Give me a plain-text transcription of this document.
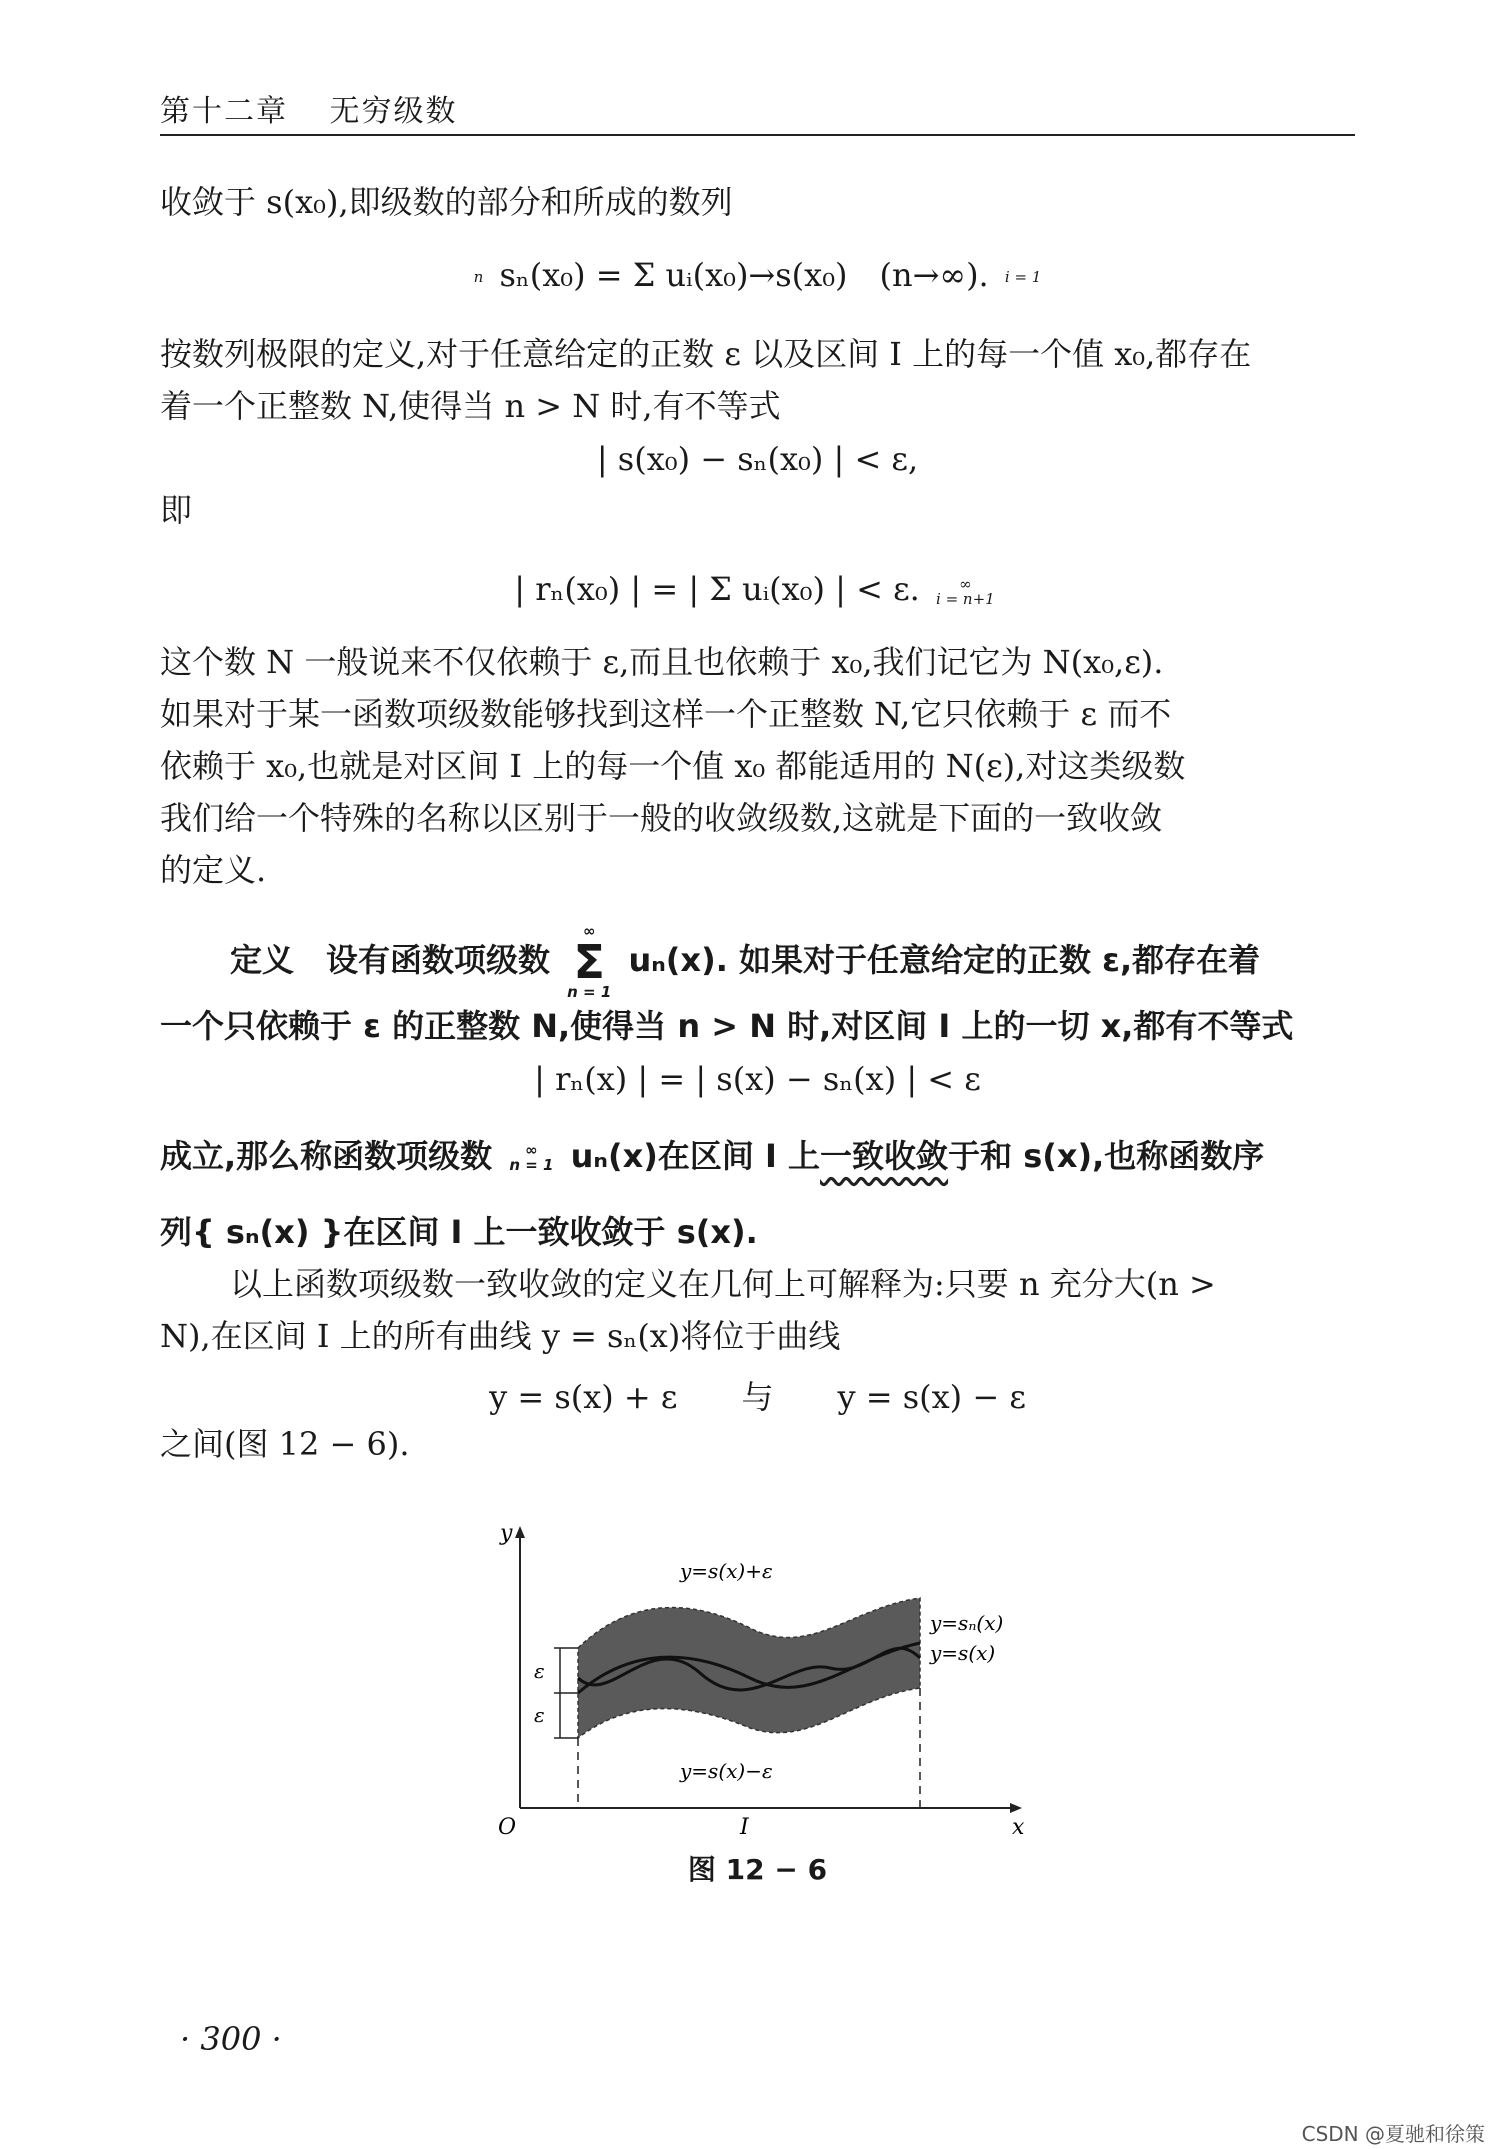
第十二章 无穷级数
收敛于 s(x₀),即级数的部分和所成的数列
n sₙ(x₀) = Σ uᵢ(x₀)→s(x₀)　(n→∞). i = 1
按数列极限的定义,对于任意给定的正数 ε 以及区间 I 上的每一个值 x₀,都存在
着一个正整数 N,使得当 n > N 时,有不等式
| s(x₀) − sₙ(x₀) | < ε,
即
| rₙ(x₀) | = | Σ uᵢ(x₀) | < ε.	∞
i = n+1
这个数 N 一般说来不仅依赖于 ε,而且也依赖于 x₀,我们记它为 N(x₀,ε).
如果对于某一函数项级数能够找到这样一个正整数 N,它只依赖于 ε 而不
依赖于 x₀,也就是对区间 I 上的每一个值 x₀ 都能适用的 N(ε),对这类级数
我们给一个特殊的名称以区别于一般的收敛级数,这就是下面的一致收敛
的定义.
定义　设有函数项级数
∞
Σ
n = 1
uₙ(x). 如果对于任意给定的正数 ε,都存在着
一个只依赖于 ε 的正整数 N,使得当 n > N 时,对区间 I 上的一切 x,都有不等式
| rₙ(x) | = | s(x) − sₙ(x) | < ε
成立,那么称函数项级数	∞
n = 1 uₙ(x)在区间 I 上一致收敛于和 s(x),也称函数序
列{ sₙ(x) }在区间 I 上一致收敛于 s(x).
以上函数项级数一致收敛的定义在几何上可解释为:只要 n 充分大(n >
N),在区间 I 上的所有曲线 y = sₙ(x)将位于曲线
y = s(x) + ε　　与　　y = s(x) − ε
之间(图 12 − 6).
y
x
O	I
y=s(x)+ε
y=s(x)−ε
y=sₙ(x)
y=s(x)
ε
ε
图 12 − 6
· 300 ·
CSDN @夏驰和徐策
